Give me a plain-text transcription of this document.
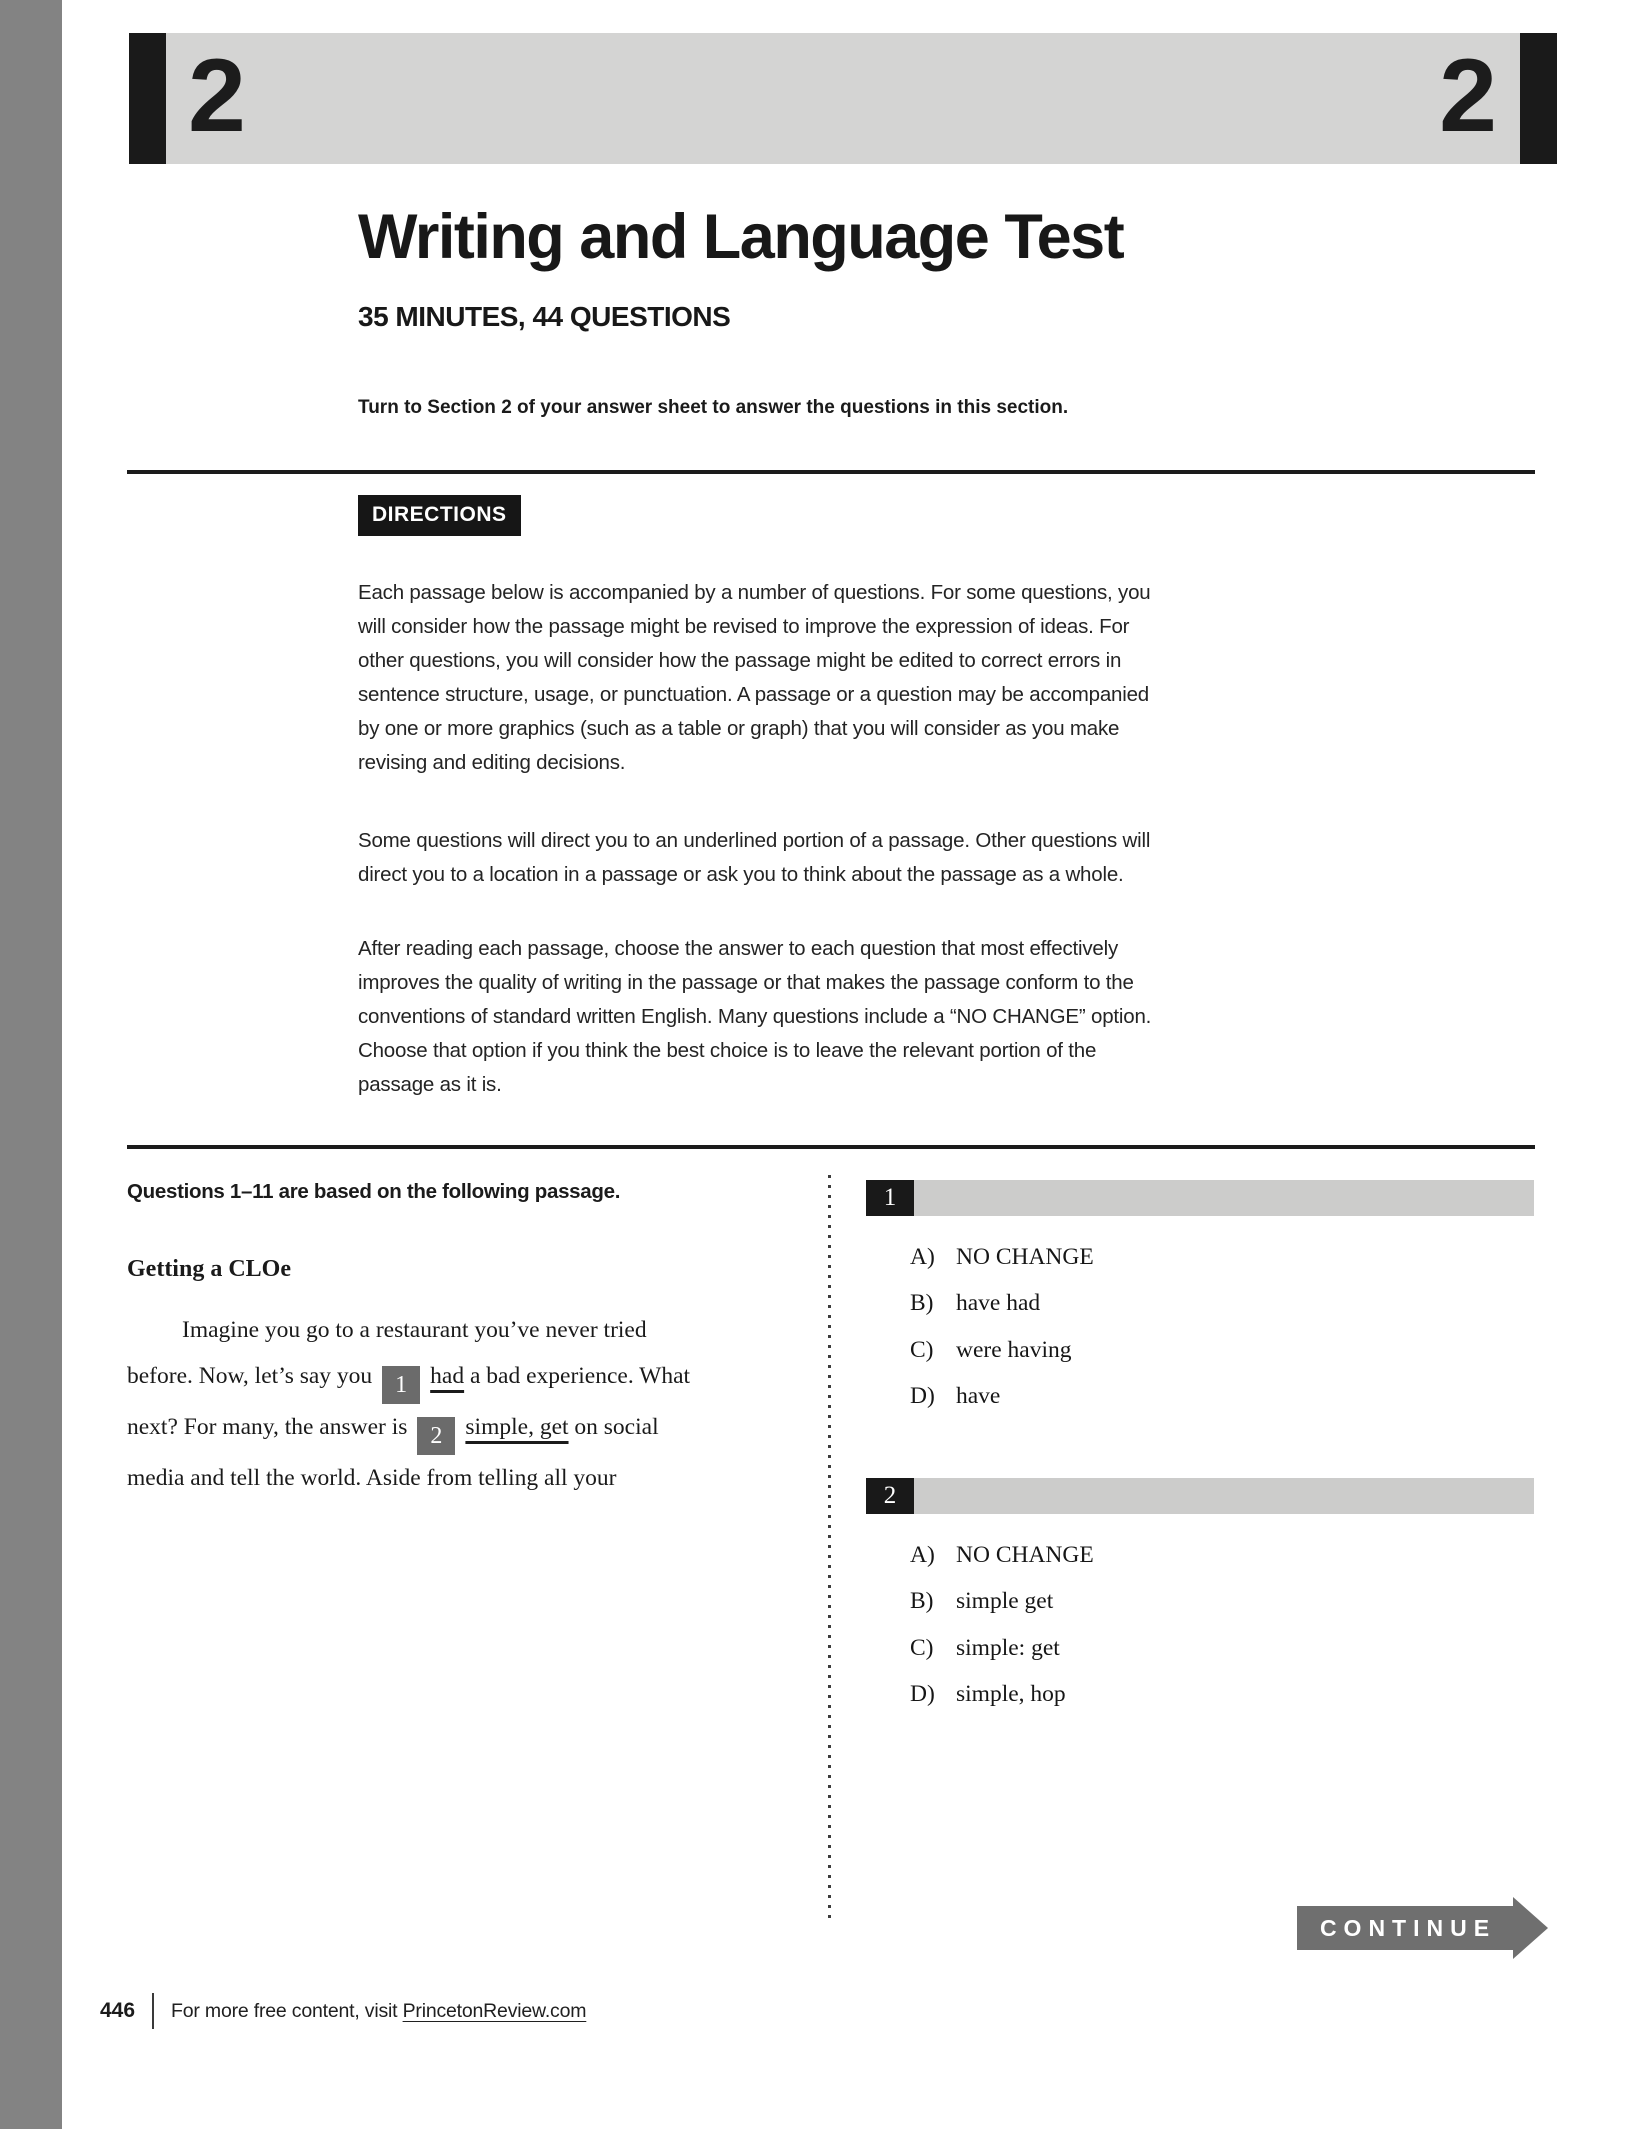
2	2
Writing and Language Test
35 MINUTES, 44 QUESTIONS
Turn to Section 2 of your answer sheet to answer the questions in this section.
DIRECTIONS

Each passage below is accompanied by a number of questions. For some questions, you will consider how the passage might be revised to improve the expression of ideas. For other questions, you will consider how the passage might be edited to correct errors in sentence structure, usage, or punctuation. A passage or a question may be accompanied by one or more graphics (such as a table or graph) that you will consider as you make revising and editing decisions.

Some questions will direct you to an underlined portion of a passage. Other questions will direct you to a location in a passage or ask you to think about the passage as a whole.

After reading each passage, choose the answer to each question that most effectively improves the quality of writing in the passage or that makes the passage conform to the conventions of standard written English. Many questions include a “NO CHANGE” option. Choose that option if you think the best choice is to leave the relevant portion of the passage as it is.

Questions 1–11 are based on the following passage.
Getting a CLOe
Imagine you go to a restaurant you’ve never tried
before. Now, let’s say you 1 had a bad experience. What
next? For many, the answer is 2 simple, get on social
media and tell the world. Aside from telling all your
1
A) NO CHANGE
B) have had
C) were having
D) have
2
A) NO CHANGE
B) simple get
C) simple: get
D) simple, hop
CONTINUE
446 For more free content, visit PrincetonReview.com
